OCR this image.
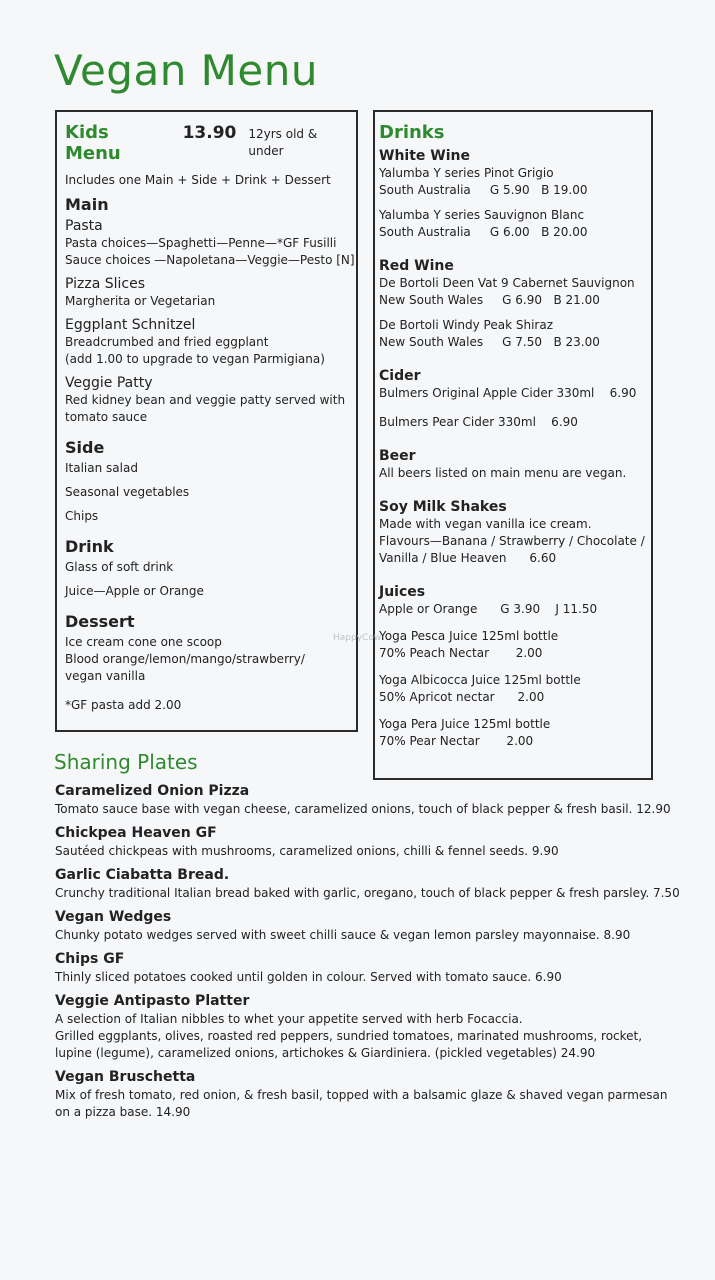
Vegan Menu
Kids Menu
13.90 12yrs old & under
Includes one Main + Side + Drink + Dessert
Main
Pasta
Pasta choices—Spaghetti—Penne—*GF Fusilli
Sauce choices —Napoletana—Veggie—Pesto [N]
Pizza Slices
Margherita or Vegetarian
Eggplant Schnitzel
Breadcrumbed and fried eggplant
(add 1.00 to upgrade to vegan Parmigiana)
Veggie Patty
Red kidney bean and veggie patty served with
tomato sauce
Side
Italian salad
Seasonal vegetables
Chips
Drink
Glass of soft drink
Juice—Apple or Orange
Dessert
Ice cream cone one scoop
Blood orange/lemon/mango/strawberry/
vegan vanilla
*GF pasta add 2.00
Drinks
White Wine
Yalumba Y series Pinot Grigio
South Australia     G 5.90   B 19.00
Yalumba Y series Sauvignon Blanc
South Australia     G 6.00   B 20.00
Red Wine
De Bortoli Deen Vat 9 Cabernet Sauvignon
New South Wales     G 6.90   B 21.00
De Bortoli Windy Peak Shiraz
New South Wales     G 7.50   B 23.00
Cider
Bulmers Original Apple Cider 330ml    6.90
Bulmers Pear Cider 330ml    6.90
Beer
All beers listed on main menu are vegan.
Soy Milk Shakes
Made with vegan vanilla ice cream.
Flavours—Banana / Strawberry / Chocolate /
Vanilla / Blue Heaven      6.60
Juices
Apple or Orange      G 3.90    J 11.50
Yoga Pesca Juice 125ml bottle
70% Peach Nectar       2.00
Yoga Albicocca Juice 125ml bottle
50% Apricot nectar      2.00
Yoga Pera Juice 125ml bottle
70% Pear Nectar       2.00
HappyCow
Sharing Plates
Caramelized Onion Pizza
Tomato sauce base with vegan cheese, caramelized onions, touch of black pepper & fresh basil. 12.90
Chickpea Heaven GF
Sautéed chickpeas with mushrooms, caramelized onions, chilli & fennel seeds. 9.90
Garlic Ciabatta Bread.
Crunchy traditional Italian bread baked with garlic, oregano, touch of black pepper & fresh parsley. 7.50
Vegan Wedges
Chunky potato wedges served with sweet chilli sauce & vegan lemon parsley mayonnaise. 8.90
Chips GF
Thinly sliced potatoes cooked until golden in colour. Served with tomato sauce. 6.90
Veggie Antipasto Platter
A selection of Italian nibbles to whet your appetite served with herb Focaccia.
Grilled eggplants, olives, roasted red peppers, sundried tomatoes, marinated mushrooms, rocket,
lupine (legume), caramelized onions, artichokes & Giardiniera. (pickled vegetables) 24.90
Vegan Bruschetta
Mix of fresh tomato, red onion, & fresh basil, topped with a balsamic glaze & shaved vegan parmesan
on a pizza base. 14.90
